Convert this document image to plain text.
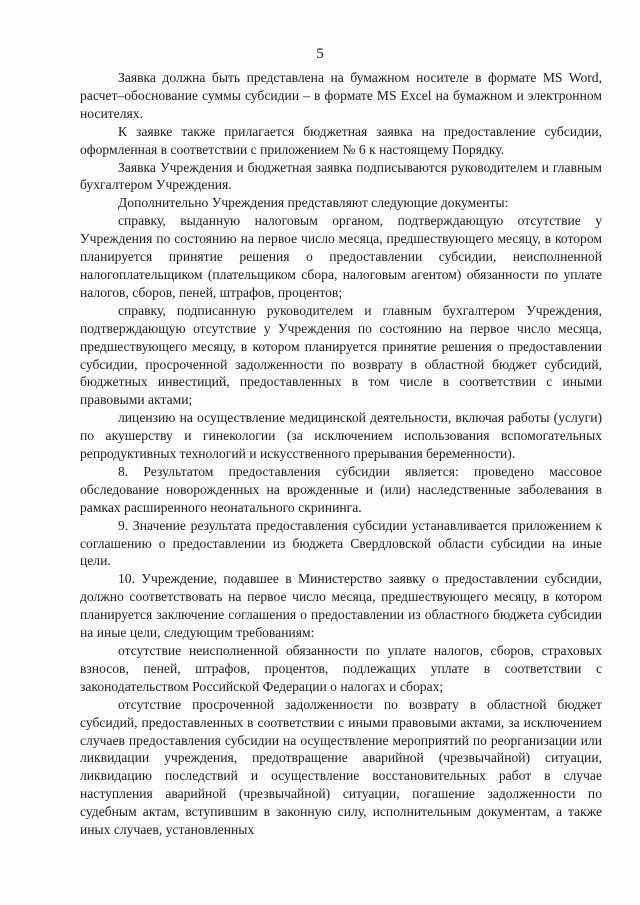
5

Заявка должна быть представлена на бумажном носителе в формате MS Word, расчет–обоснование суммы субсидии – в формате MS Excel на бумажном и электронном носителях.

К заявке также прилагается бюджетная заявка на предоставление субсидии, оформленная в соответствии с приложением № 6 к настоящему Порядку.

Заявка Учреждения и бюджетная заявка подписываются руководителем и главным бухгалтером Учреждения.

Дополнительно Учреждения представляют следующие документы:

справку, выданную налоговым органом, подтверждающую отсутствие у Учреждения по состоянию на первое число месяца, предшествующего месяцу, в котором планируется принятие решения о предоставлении субсидии, неисполненной налогоплательщиком (плательщиком сбора, налоговым агентом) обязанности по уплате налогов, сборов, пеней, штрафов, процентов;

справку, подписанную руководителем и главным бухгалтером Учреждения, подтверждающую отсутствие у Учреждения по состоянию на первое число месяца, предшествующего месяцу, в котором планируется принятие решения о предоставлении субсидии, просроченной задолженности по возврату в областной бюджет субсидий, бюджетных инвестиций, предоставленных в том числе в соответствии с иными правовыми актами;

лицензию на осуществление медицинской деятельности, включая работы (услуги) по акушерству и гинекологии (за исключением использования вспомогательных репродуктивных технологий и искусственного прерывания беременности).

8. Результатом предоставления субсидии является: проведено массовое обследование новорожденных на врожденные и (или) наследственные заболевания в рамках расширенного неонатального скрининга.

9. Значение результата предоставления субсидии устанавливается приложением к соглашению о предоставлении из бюджета Свердловской области субсидии на иные цели.

10. Учреждение, подавшее в Министерство заявку о предоставлении субсидии, должно соответствовать на первое число месяца, предшествующего месяцу, в котором планируется заключение соглашения о предоставлении из областного бюджета субсидии на иные цели, следующим требованиям:

отсутствие неисполненной обязанности по уплате налогов, сборов, страховых взносов, пеней, штрафов, процентов, подлежащих уплате в соответствии с законодательством Российской Федерации о налогах и сборах;

отсутствие просроченной задолженности по возврату в областной бюджет субсидий, предоставленных в соответствии с иными правовыми актами, за исключением случаев предоставления субсидии на осуществление мероприятий по реорганизации или ликвидации учреждения, предотвращение аварийной (чрезвычайной) ситуации, ликвидацию последствий и осуществление восстановительных работ в случае наступления аварийной (чрезвычайной) ситуации, погашение задолженности по судебным актам, вступившим в законную силу, исполнительным документам, а также иных случаев, установленных
